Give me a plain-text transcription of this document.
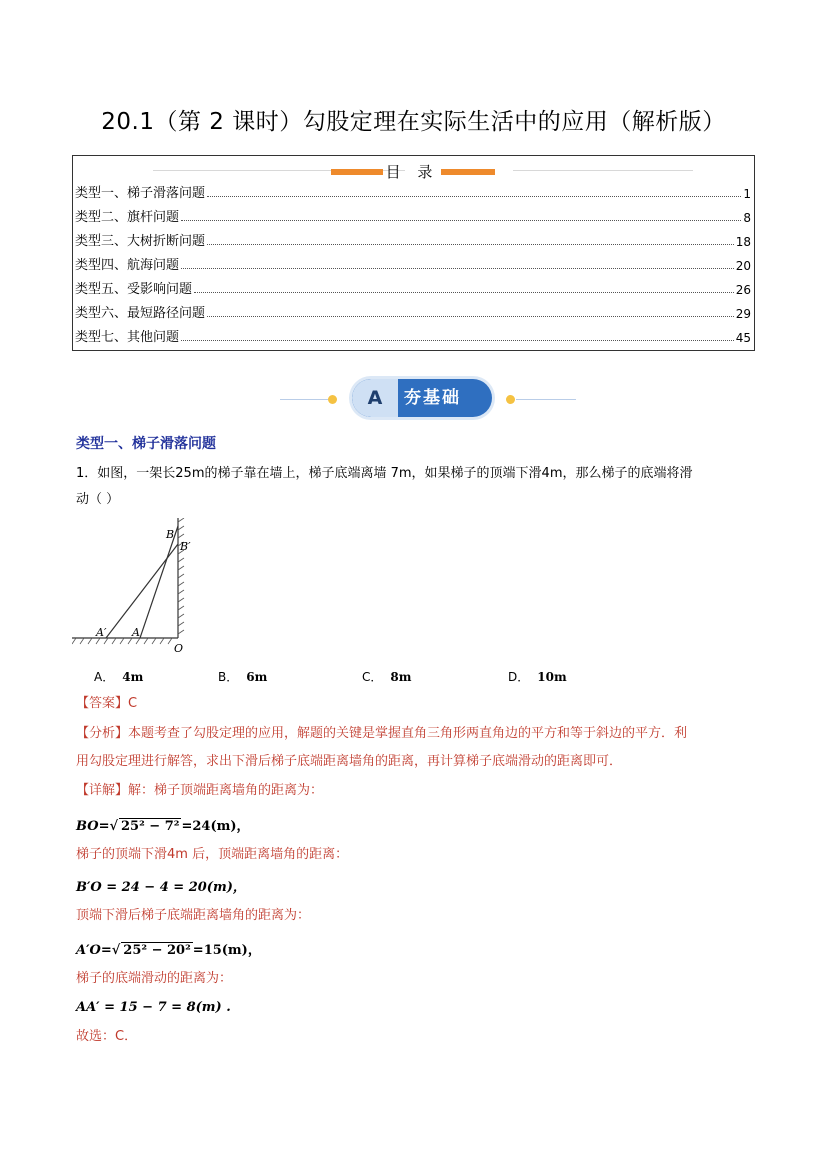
20.1（第 2 课时）勾股定理在实际生活中的应用（解析版）
目 录
类型一、梯子滑落问题	1
类型二、旗杆问题	8
类型三、大树折断问题	18
类型四、航海问题	20
类型五、受影响问题	26
类型六、最短路径问题	29
类型七、其他问题	45
A	夯基础
类型一、梯子滑落问题
1．如图，一架长25m的梯子靠在墙上，梯子底端离墙 7m，如果梯子的顶端下滑4m，那么梯子的底端将滑
动（ ）
B
B′
A′ A
O
A． 4m	B． 6m	C． 8m	D． 10m
【答案】C
【分析】本题考查了勾股定理的应用，解题的关键是掌握直角三角形两直角边的平方和等于斜边的平方．利
用勾股定理进行解答，求出下滑后梯子底端距离墙角的距离，再计算梯子底端滑动的距离即可．
【详解】解：梯子顶端距离墙角的距离为：
BO=√ 25² − 7² =24(m)，
梯子的顶端下滑4m 后，顶端距离墙角的距离：
B′O = 24 − 4 = 20(m)，
顶端下滑后梯子底端距离墙角的距离为：
A′O=√ 25² − 20² =15(m)，
梯子的底端滑动的距离为：
AA′ = 15 − 7 = 8(m) .
故选：C．
